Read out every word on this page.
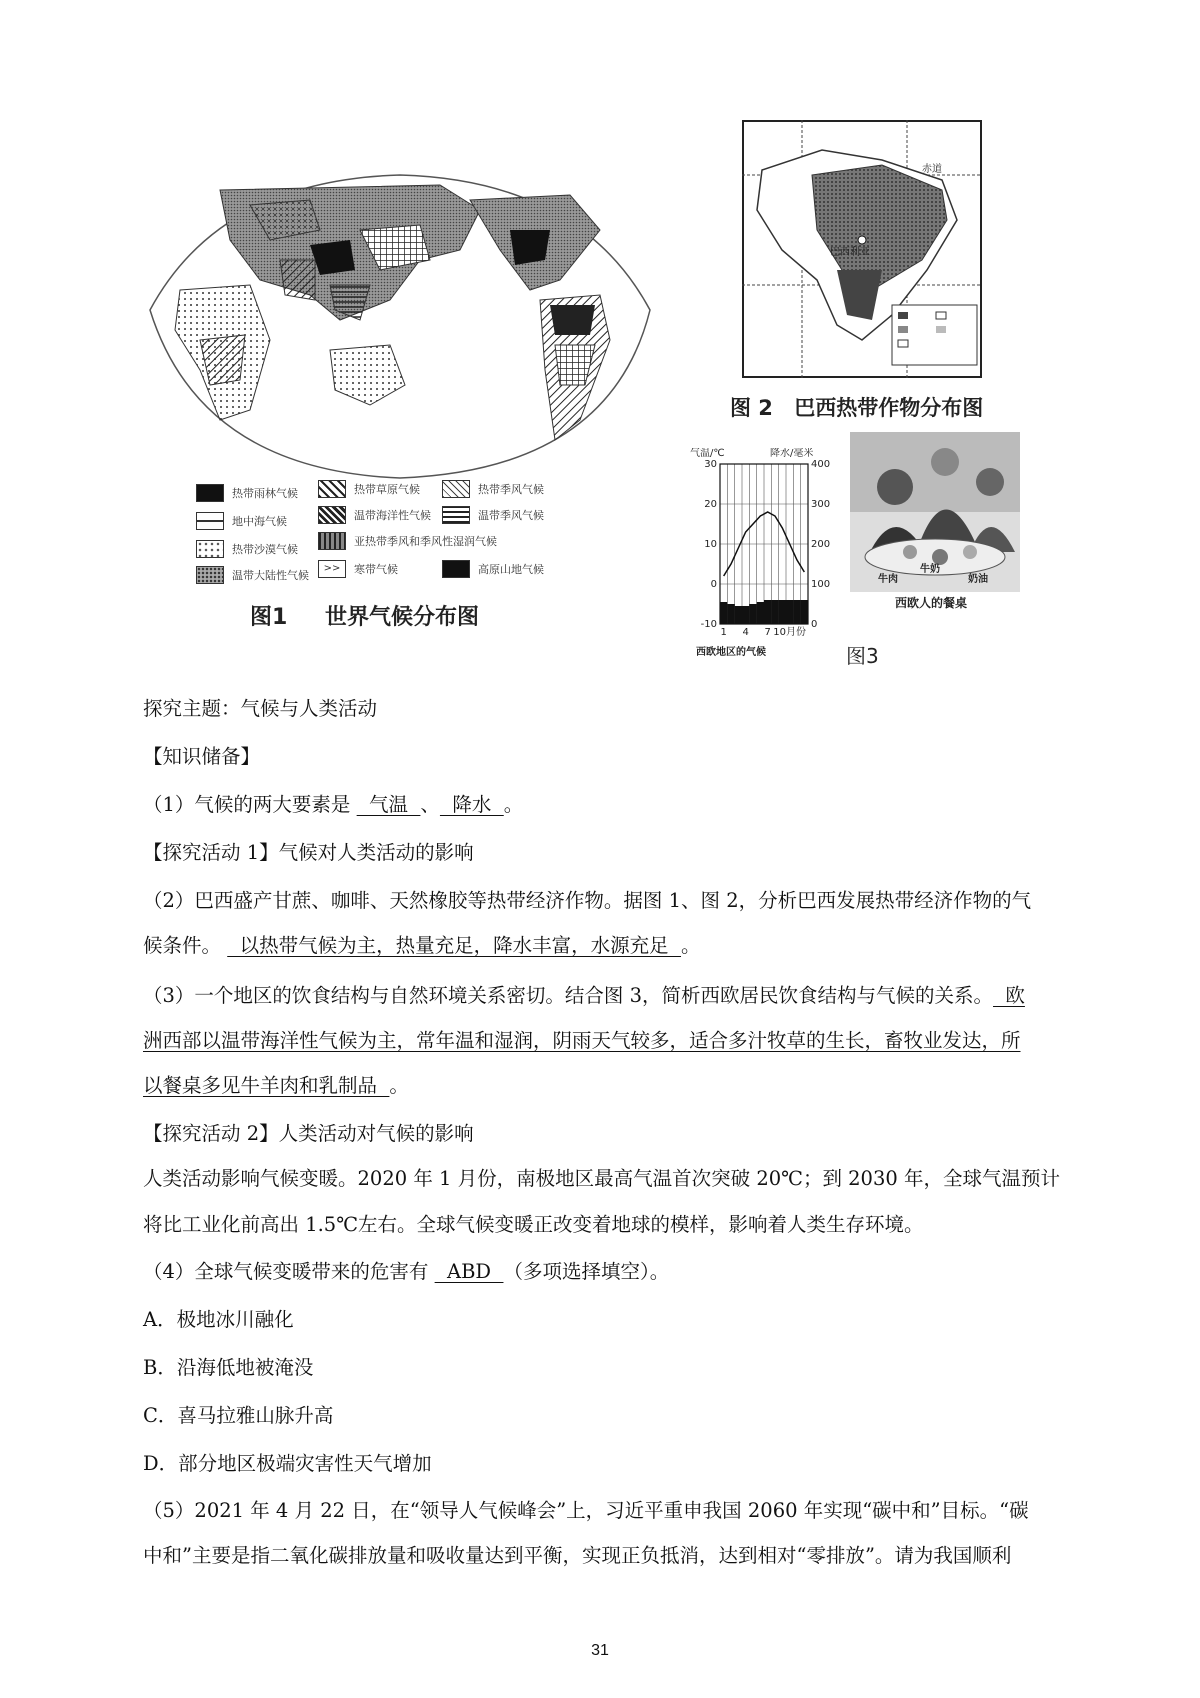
热带雨林气候	热带草原气候	热带季风气候
地中海气候	温带海洋性气候	温带季风气候
热带沙漠气候
亚热带季风和季风性湿润气候
温带大陆性气候
>>	寒带气候	高原山地气候
图1 世界气候分布图
巴西利亚
赤道
图 2 巴西热带作物分布图
气温/℃	降水/毫米
-10
0
10
20
30
0
100
200
300
400
1 4 7 10月份
西欧地区的气候
牛肉
牛奶
奶油
西欧人的餐桌
图3
探究主题：气候与人类活动
【知识储备】
（1）气候的两大要素是   气温  、  降水  。
【探究活动 1】气候对人类活动的影响
（2）巴西盛产甘蔗、咖啡、天然橡胶等热带经济作物。据图 1、图 2，分析巴西发展热带经济作物的气
候条件。   以热带气候为主，热量充足，降水丰富，水源充足  。
（3）一个地区的饮食结构与自然环境关系密切。结合图 3，简析西欧居民饮食结构与气候的关系。  欧
洲西部以温带海洋性气候为主，常年温和湿润，阴雨天气较多，适合多汁牧草的生长，畜牧业发达，所
以餐桌多见牛羊肉和乳制品  。
【探究活动 2】人类活动对气候的影响
人类活动影响气候变暖。2020 年 1 月份，南极地区最高气温首次突破 20℃；到 2030 年，全球气温预计
将比工业化前高出 1.5℃左右。全球气候变暖正改变着地球的模样，影响着人类生存环境。
（4）全球气候变暖带来的危害有   ABD  （多项选择填空）。
A．极地冰川融化
B．沿海低地被淹没
C．喜马拉雅山脉升高
D．部分地区极端灾害性天气增加
（5）2021 年 4 月 22 日，在“领导人气候峰会”上，习近平重申我国 2060 年实现“碳中和”目标。“碳
中和”主要是指二氧化碳排放量和吸收量达到平衡，实现正负抵消，达到相对“零排放”。请为我国顺利
31
